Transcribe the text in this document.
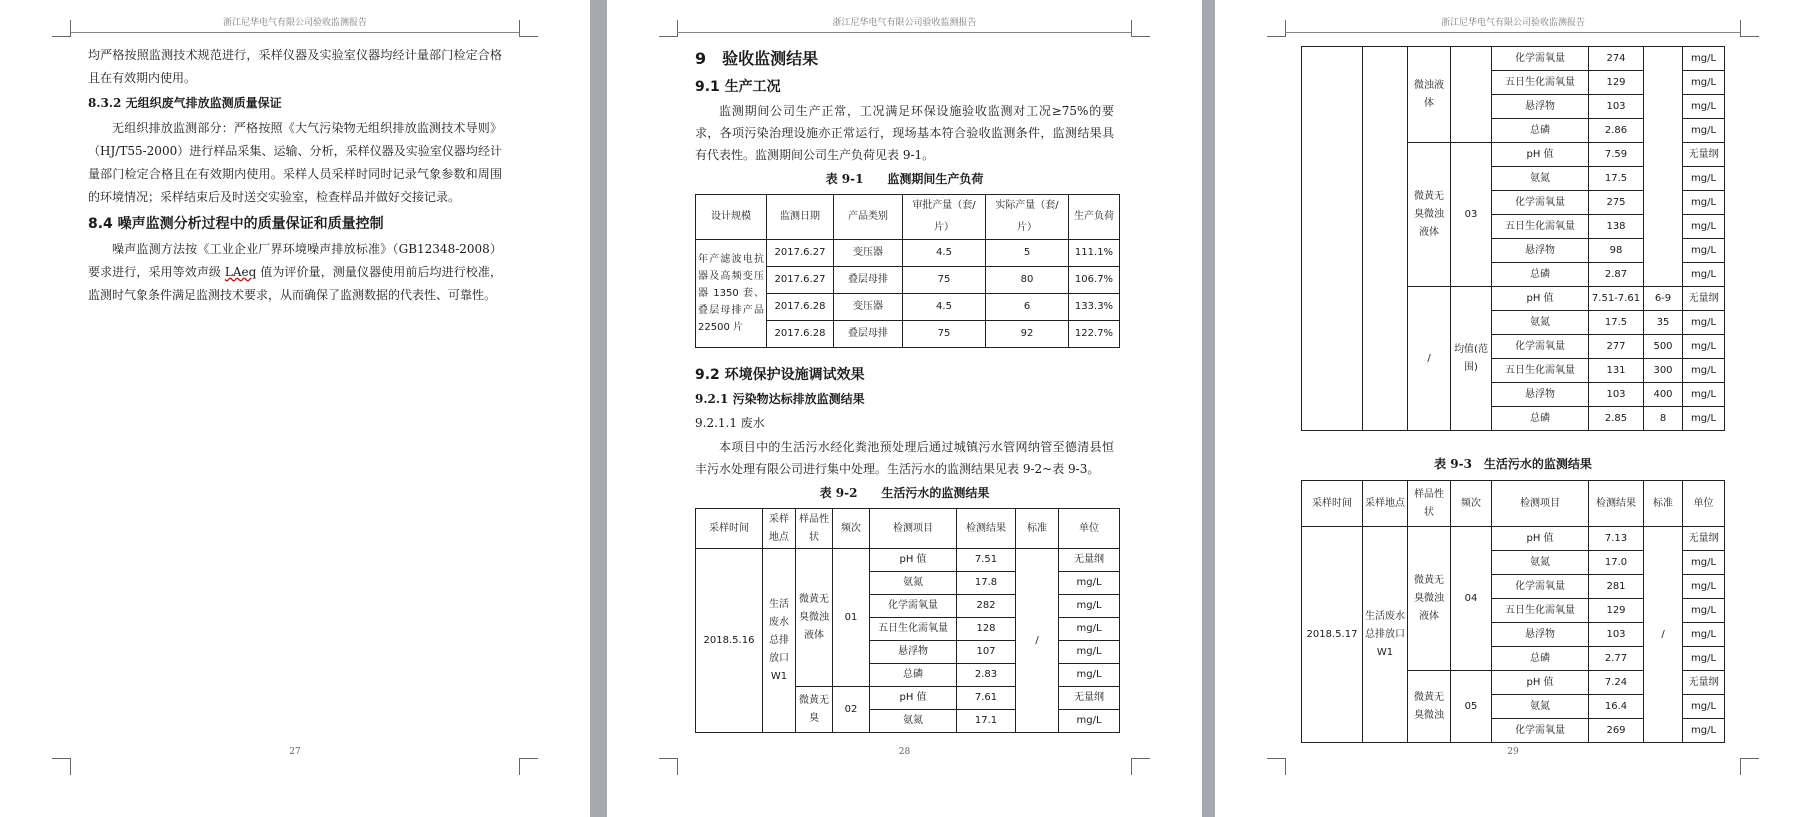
浙江尼华电气有限公司验收监测报告

均严格按照监测技术规范进行，采样仪器及实验室仪器均经计量部门检定合格且在有效期内使用。

8.3.2 无组织废气排放监测质量保证

无组织排放监测部分：严格按照《大气污染物无组织排放监测技术导则》（HJ/T55-2000）进行样品采集、运输、分析，采样仪器及实验室仪器均经计量部门检定合格且在有效期内使用。采样人员采样时同时记录气象参数和周围的环境情况；采样结束后及时送交实验室，检查样品并做好交接记录。

8.4 噪声监测分析过程中的质量保证和质量控制

噪声监测方法按《工业企业厂界环境噪声排放标准》（GB12348-2008）要求进行，采用等效声级 LAeq 值为评价量，测量仪器使用前后均进行校准，监测时气象条件满足监测技术要求，从而确保了监测数据的代表性、可靠性。

27
浙江尼华电气有限公司验收监测报告

9　验收监测结果

9.1 生产工况

监测期间公司生产正常，工况满足环保设施验收监测对工况≥75%的要求，各项污染治理设施亦正常运行，现场基本符合验收监测条件，监测结果具有代表性。监测期间公司生产负荷见表 9-1。

表 9-1　　监测期间生产负荷

设计规模	监测日期	产品类别	审批产量（套/片）	实际产量（套/片）	生产负荷
年产滤波电抗器及高频变压器 1350 套、叠层母排产品 22500 片	2017.6.27	变压器	4.5	5	111.1%
	2017.6.27	叠层母排	75	80	106.7%
	2017.6.28	变压器	4.5	6	133.3%
	2017.6.28	叠层母排	75	92	122.7%

9.2 环境保护设施调试效果

9.2.1 污染物达标排放监测结果

9.2.1.1 废水

本项目中的生活污水经化粪池预处理后通过城镇污水管网纳管至德清县恒丰污水处理有限公司进行集中处理。生活污水的监测结果见表 9-2~表 9-3。

表 9-2　　生活污水的监测结果

采样时间	采样地点	样品性状	频次	检测项目	检测结果	标准	单位
2018.5.16	生活废水总排放口W1	微黄无臭微浊液体	01	pH 值	7.51	/	无量纲
				氨氮	17.8		mg/L
				化学需氧量	282		mg/L
				五日生化需氧量	128		mg/L
				悬浮物	107		mg/L
				总磷	2.83		mg/L
		微黄无臭	02	pH 值	7.61		无量纲
				氨氮	17.1		mg/L
28
浙江尼华电气有限公司验收监测报告
		微浊液体		化学需氧量	274		mg/L
				五日生化需氧量	129		mg/L
				悬浮物	103		mg/L
				总磷	2.86		mg/L
		微黄无臭微浊液体	03	pH 值	7.59		无量纲
				氨氮	17.5		mg/L
				化学需氧量	275		mg/L
				五日生化需氧量	138		mg/L
				悬浮物	98		mg/L
				总磷	2.87		mg/L
		/	均值(范围)	pH 值	7.51-7.61	6-9	无量纲
				氨氮	17.5	35	mg/L
				化学需氧量	277	500	mg/L
				五日生化需氧量	131	300	mg/L
				悬浮物	103	400	mg/L
				总磷	2.85	8	mg/L

表 9-3　生活污水的监测结果

采样时间	采样地点	样品性状	频次	检测项目	检测结果	标准	单位
2018.5.17	生活废水总排放口W1	微黄无臭微浊液体	04	pH 值	7.13	/	无量纲
				氨氮	17.0		mg/L
				化学需氧量	281		mg/L
				五日生化需氧量	129		mg/L
				悬浮物	103		mg/L
				总磷	2.77		mg/L
		微黄无臭微浊	05	pH 值	7.24		无量纲
				氨氮	16.4		mg/L
				化学需氧量	269		mg/L
29
